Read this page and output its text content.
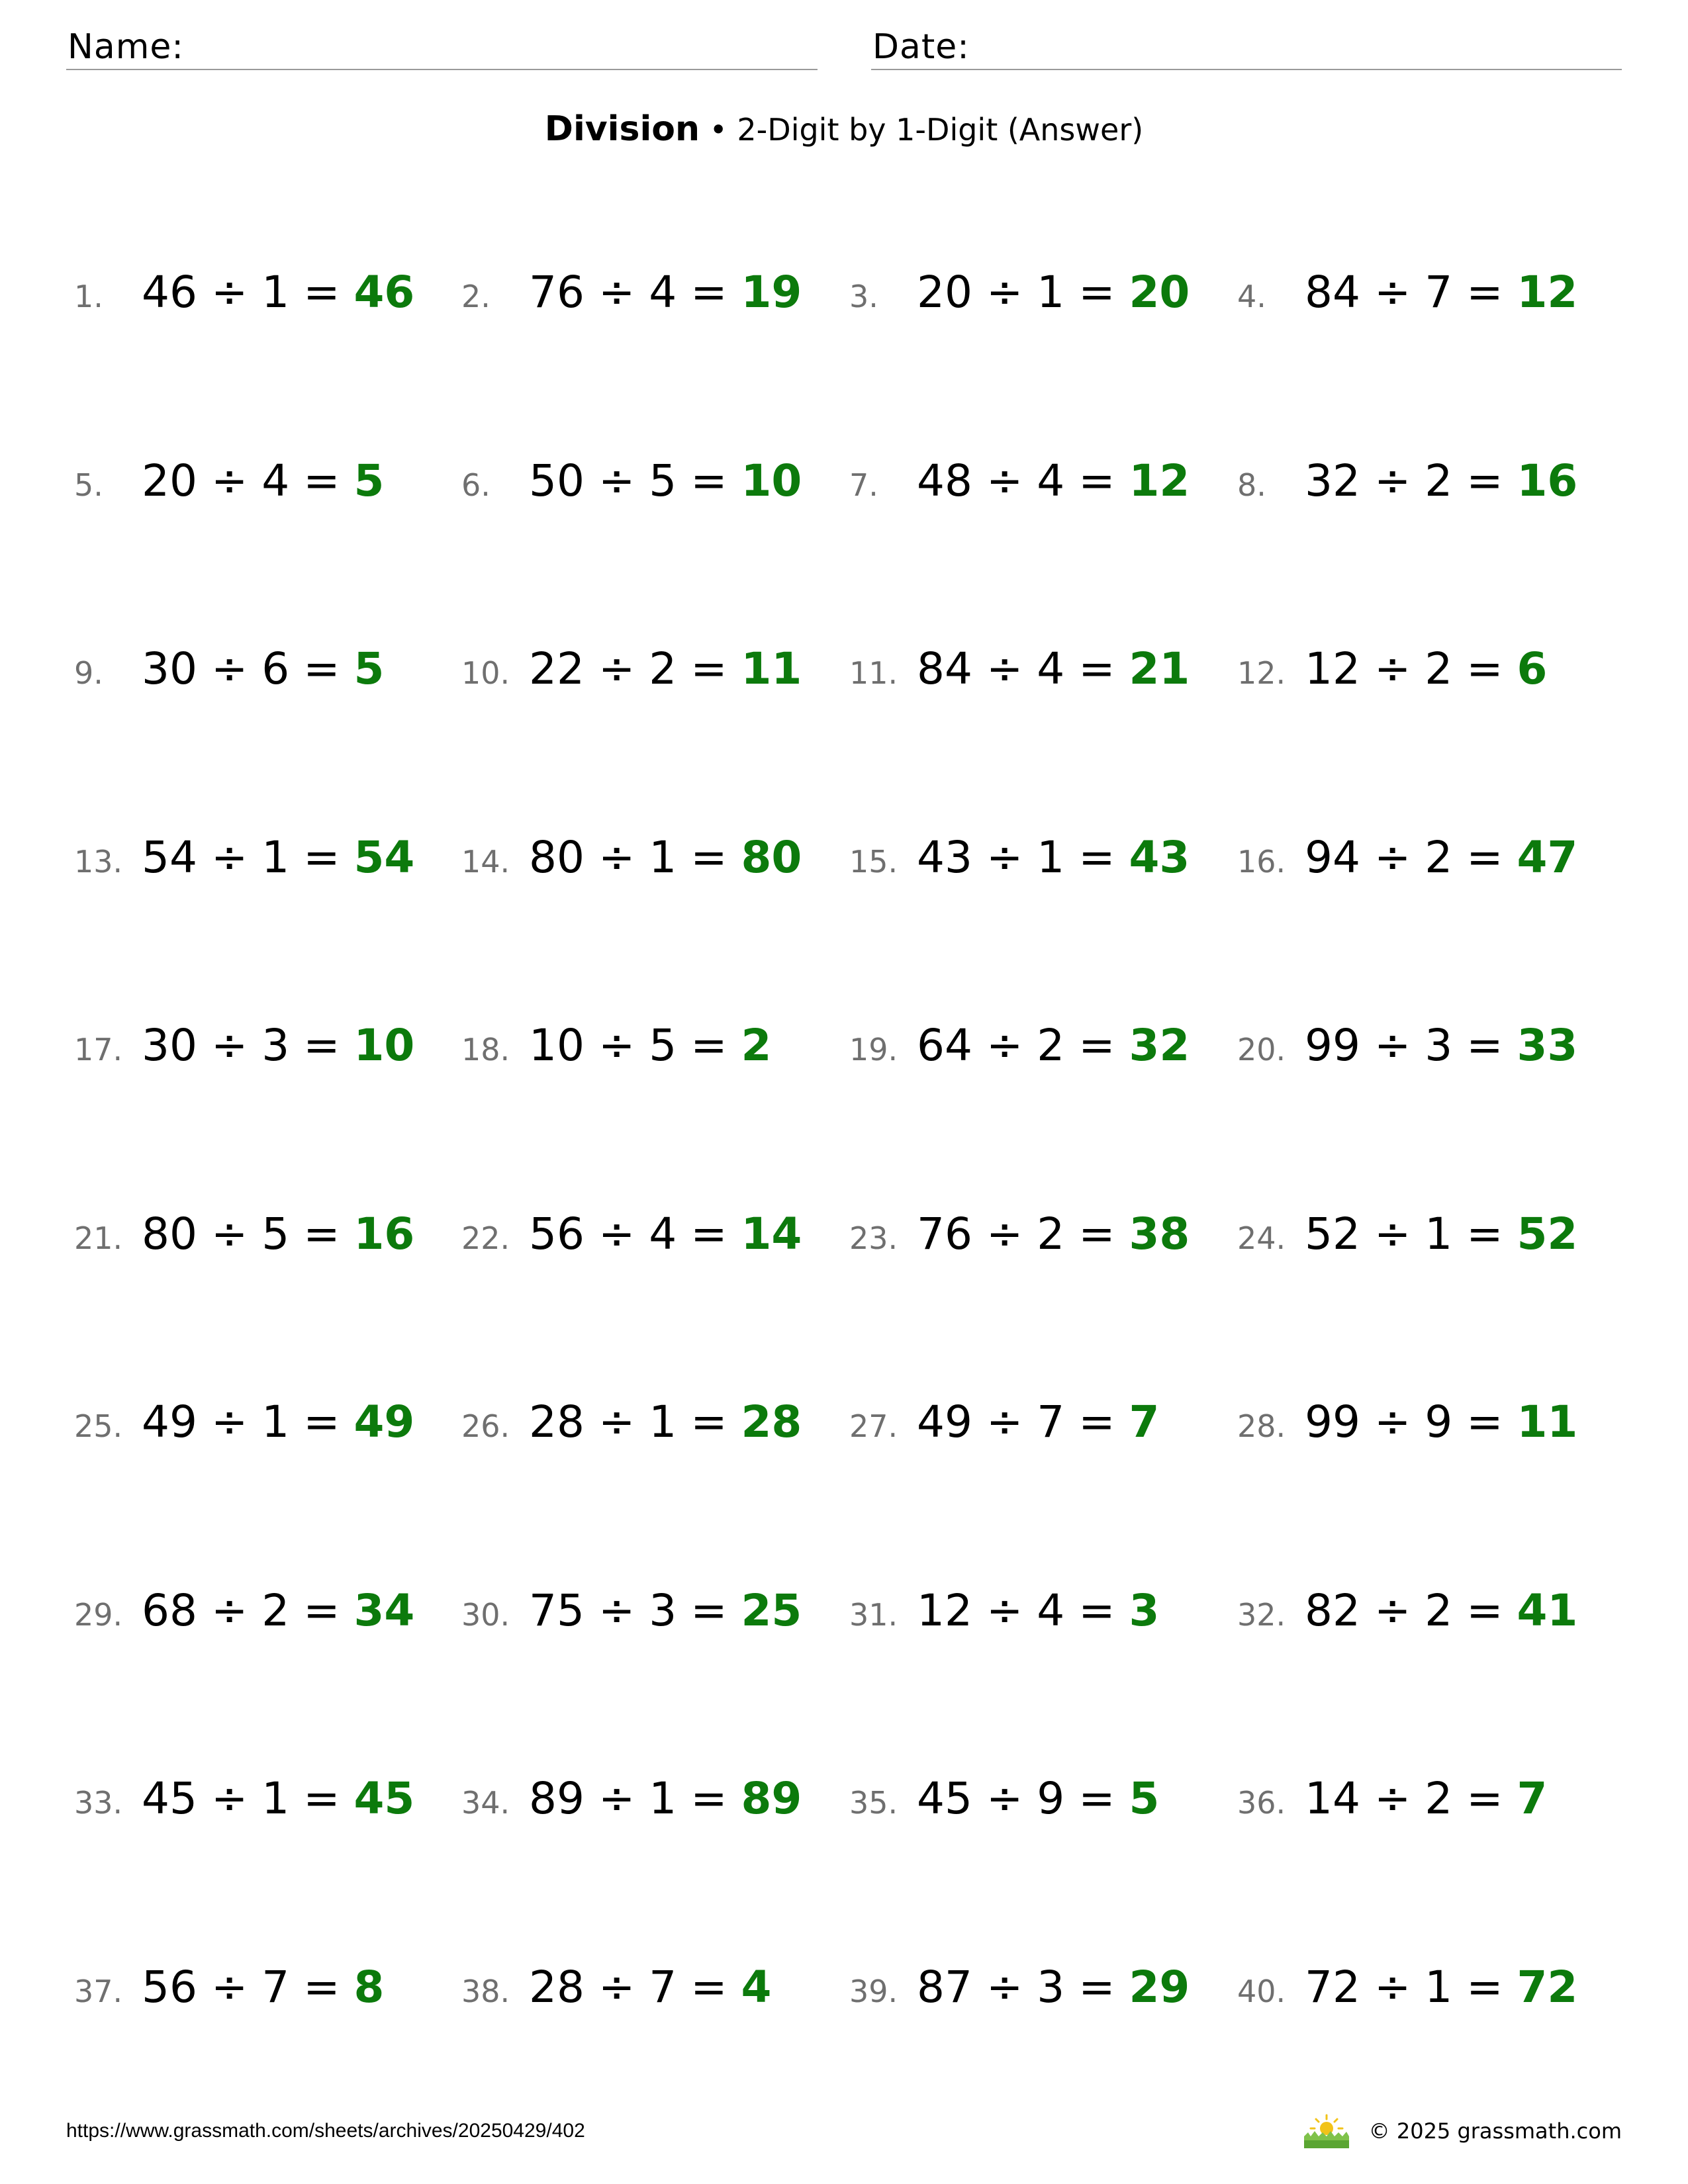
Name:	Date:
Division • 2-Digit by 1-Digit (Answer)
1. 46 ÷ 1 = 46 2. 76 ÷ 4 = 19 3. 20 ÷ 1 = 20 4. 84 ÷ 7 = 12
5. 20 ÷ 4 = 5	6. 50 ÷ 5 = 10 7. 48 ÷ 4 = 12 8. 32 ÷ 2 = 16
9. 30 ÷ 6 = 5	10. 22 ÷ 2 = 11 11. 84 ÷ 4 = 21 12. 12 ÷ 2 = 6
13. 54 ÷ 1 = 54 14. 80 ÷ 1 = 80 15. 43 ÷ 1 = 43 16. 94 ÷ 2 = 47
17. 30 ÷ 3 = 10 18. 10 ÷ 5 = 2	19. 64 ÷ 2 = 32 20. 99 ÷ 3 = 33
21. 80 ÷ 5 = 16 22. 56 ÷ 4 = 14 23. 76 ÷ 2 = 38 24. 52 ÷ 1 = 52
25. 49 ÷ 1 = 49 26. 28 ÷ 1 = 28 27. 49 ÷ 7 = 7	28. 99 ÷ 9 = 11
29. 68 ÷ 2 = 34 30. 75 ÷ 3 = 25 31. 12 ÷ 4 = 3	32. 82 ÷ 2 = 41
33. 45 ÷ 1 = 45 34. 89 ÷ 1 = 89 35. 45 ÷ 9 = 5	36. 14 ÷ 2 = 7
37. 56 ÷ 7 = 8	38. 28 ÷ 7 = 4	39. 87 ÷ 3 = 29 40. 72 ÷ 1 = 72
https://www.grassmath.com/sheets/archives/20250429/402	© 2025 grassmath.com
